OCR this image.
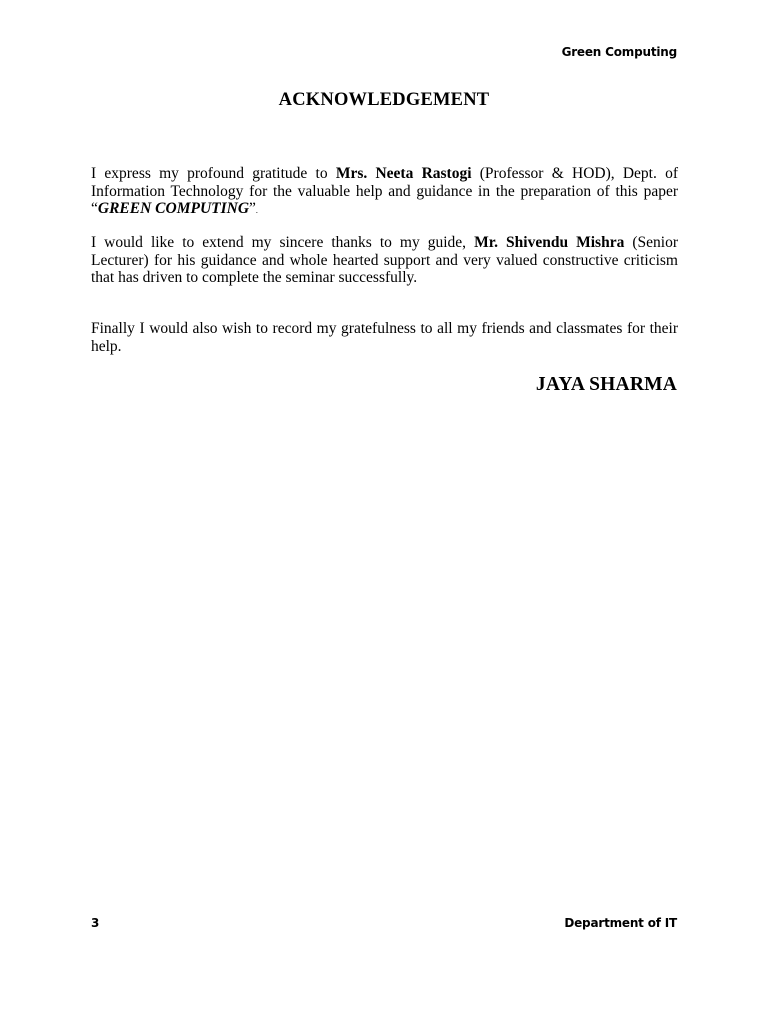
Green Computing
ACKNOWLEDGEMENT
I express my profound gratitude to Mrs. Neeta Rastogi (Professor & HOD), Dept. of Information Technology for the valuable help and guidance in the preparation of this paper “GREEN COMPUTING”.
I would like to extend my sincere thanks to my guide, Mr. Shivendu Mishra (Senior Lecturer) for his guidance and whole hearted support and very valued constructive criticism that has driven to complete the seminar successfully.
Finally I would also wish to record my gratefulness to all my friends and classmates for their help.
JAYA SHARMA
3	Department of IT
